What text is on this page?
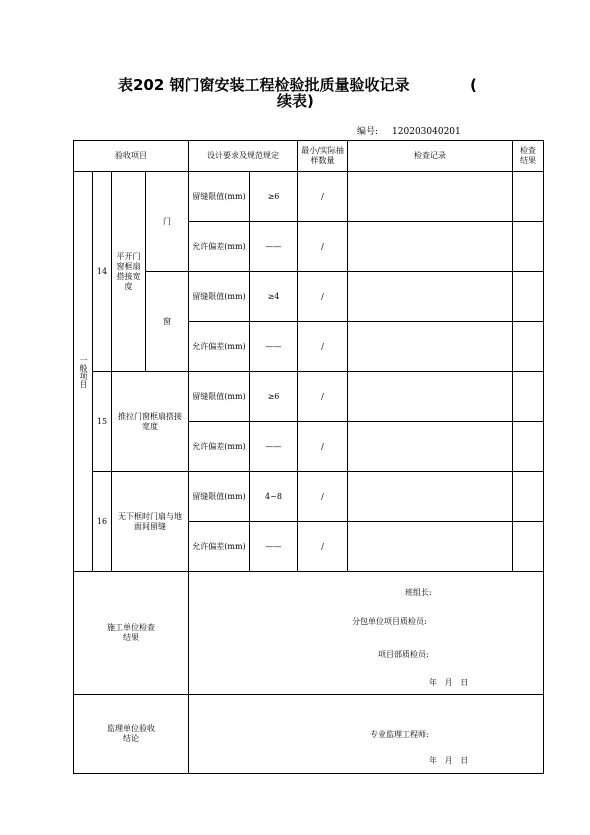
表202 钢门窗安装工程检验批质量验收记录	(
续表)
编号: 120203040201
验收项目				设计要求及规范规定		最小/实际抽样数量	检查记录	检查结果
一般项目	14	平开门窗框扇搭接宽度	门	留缝限值(mm)	≥6	/		
				允许偏差(mm)	——	/		
			窗	留缝限值(mm)	≥4	/		
				允许偏差(mm)	——	/		
	15	推拉门窗框扇搭接宽度		留缝限值(mm)	≥6	/		
				允许偏差(mm)	——	/		
	16	无下框时门扇与地面间留缝		留缝限值(mm)	4~8	/		
				允许偏差(mm)	——	/		
施工单位检查结果				班组长:
分包单位项目质检员:
项目部质检员:
年   月   日				

监理单位验收结论				专业监理工程师:
年   月   日				
